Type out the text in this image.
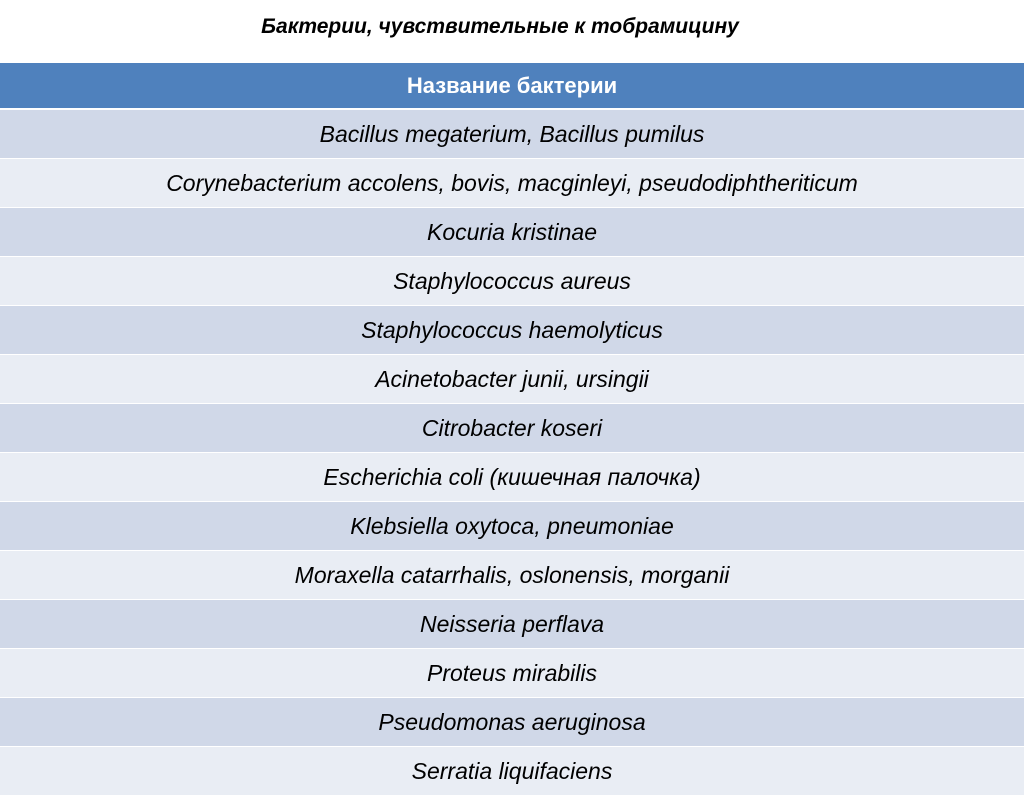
Бактерии, чувствительные к тобрамицину
Название бактерии
Bacillus megaterium, Bacillus pumilus
Corynebacterium accolens, bovis, macginleyi, pseudodiphtheriticum
Kocuria kristinae
Staphylococcus aureus
Staphylococcus haemolyticus
Acinetobacter junii, ursingii
Citrobacter koseri
Escherichia coli (кишечная палочка)
Klebsiella oxytoca, pneumoniae
Moraxella catarrhalis, oslonensis, morganii
Neisseria perflava
Proteus mirabilis
Pseudomonas aeruginosa
Serratia liquifaciens
